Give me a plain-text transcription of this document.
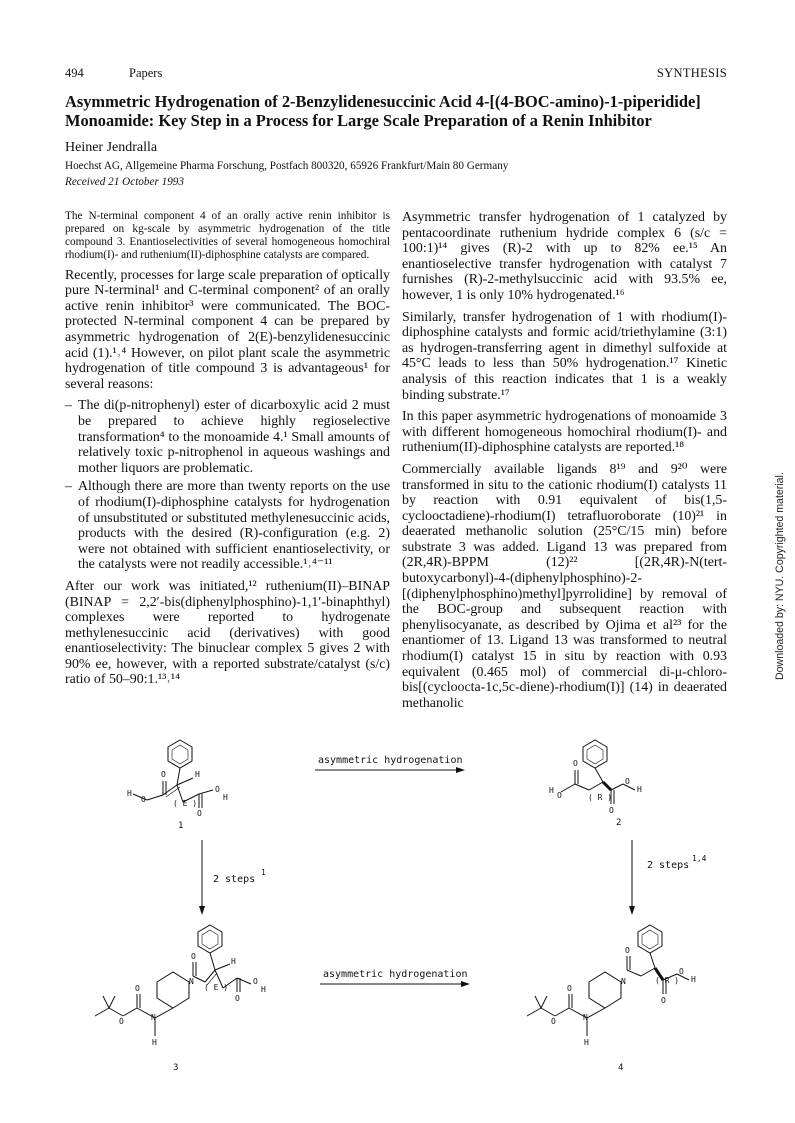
494	Papers	SYNTHESIS
Asymmetric Hydrogenation of 2-Benzylidenesuccinic Acid 4-[(4-BOC-amino)-1-piperidide] Monoamide: Key Step in a Process for Large Scale Preparation of a Renin Inhibitor
Heiner Jendralla
Hoechst AG, Allgemeine Pharma Forschung, Postfach 800320, 65926 Frankfurt/Main 80 Germany
Received 21 October 1993
Downloaded by: NYU. Copyrighted material.

The N-terminal component 4 of an orally active renin inhibitor is prepared on kg-scale by asymmetric hydrogenation of the title compound 3. Enantioselectivities of several homogeneous homochiral rhodium(I)- and ruthenium(II)-diphosphine catalysts are compared.

Recently, processes for large scale preparation of optically pure N-terminal¹ and C-terminal component² of an orally active renin inhibitor³ were communicated. The BOC-protected N-terminal component 4 can be prepared by asymmetric hydrogenation of 2(E)-benzylidenesuccinic acid (1).¹˒⁴ However, on pilot plant scale the asymmetric hydrogenation of title compound 3 is advantageous¹ for several reasons:

– The di(p-nitrophenyl) ester of dicarboxylic acid 2 must be prepared to achieve highly regioselective transformation⁴ to the monoamide 4.¹ Small amounts of relatively toxic p-nitrophenol in aqueous washings and mother liquors are problematic.
– Although there are more than twenty reports on the use of rhodium(I)-diphosphine catalysts for hydrogenation of unsubstituted or substituted methylenesuccinic acids, products with the desired (R)-configuration (e.g. 2) were not obtained with sufficient enantioselectivity, or the catalysts were not readily accessible.¹˒⁴⁻¹¹

After our work was initiated,¹² ruthenium(II)–BINAP (BINAP = 2,2′-bis(diphenylphosphino)-1,1′-binaphthyl) complexes were reported to hydrogenate methylenesuccinic acid (derivatives) with good enantioselectivity: The binuclear complex 5 gives 2 with 90% ee, however, with a reported substrate/catalyst (s/c) ratio of 50–90:1.¹³˒¹⁴

Asymmetric transfer hydrogenation of 1 catalyzed by pentacoordinate ruthenium hydride complex 6 (s/c = 100:1)¹⁴ gives (R)-2 with up to 82% ee.¹⁵ An enantioselective transfer hydrogenation with catalyst 7 furnishes (R)-2-methylsuccinic acid with 93.5% ee, however, 1 is only 10% hydrogenated.¹⁶

Similarly, transfer hydrogenation of 1 with rhodium(I)-diphosphine catalysts and formic acid/triethylamine (3:1) as hydrogen-transferring agent in dimethyl sulfoxide at 45°C leads to less than 50% hydrogenation.¹⁷ Kinetic analysis of this reaction indicates that 1 is a weakly binding substrate.¹⁷

In this paper asymmetric hydrogenations of monoamide 3 with different homogeneous homochiral rhodium(I)- and ruthenium(II)-diphosphine catalysts are reported.¹⁸

Commercially available ligands 8¹⁹ and 9²⁰ were transformed in situ to the cationic rhodium(I) catalysts 11 by reaction with 0.91 equivalent of bis(1,5-cyclooctadiene)-rhodium(I) tetrafluoroborate (10)²¹ in deaerated methanolic solution (25°C/15 min) before substrate 3 was added. Ligand 13 was prepared from (2R,4R)-BPPM (12)²² [(2R,4R)-N(tert-butoxycarbonyl)-4-(diphenylphosphino)-2-[(diphenylphosphino)methyl]pyrrolidine] by removal of the BOC-group and subsequent reaction with phenylisocyanate, as described by Ojima et al²³ for the enantiomer of 13. Ligand 13 was transformed to neutral rhodium(I) catalyst 15 in situ by reaction with 0.93 equivalent (0.465 mol) of commercial di-μ-chloro-bis[(cyclooctа-1c,5c-diene)-rhodium(I)] (14) in deaerated methanolic

asymmetric hydrogenation
asymmetric hydrogenation
2 steps
1
2 steps
1,4
1	2
3	4
( E )
( E )
( R )
( R )
H
O
H
O
O
H
O
O
H
O
O
H
O
H
O
N	O
H
O
O
O	N
H
O
N
O
H
O
O
O	N
H
